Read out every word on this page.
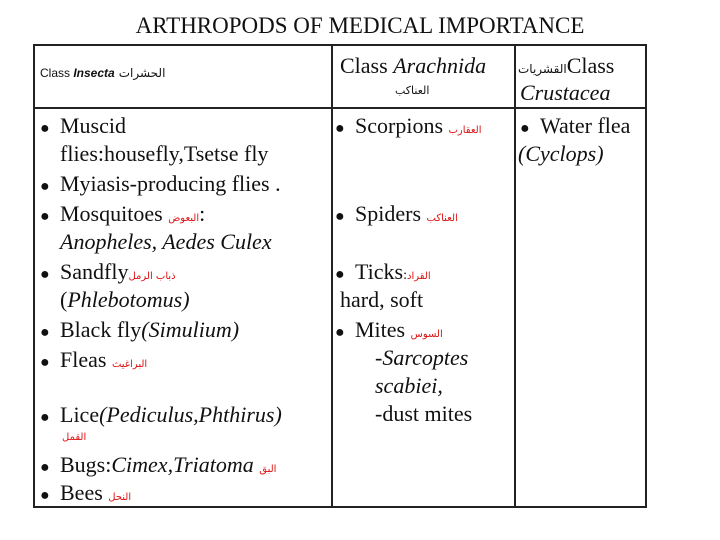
ARTHROPODS OF MEDICAL IMPORTANCE
Class Insecta الحشرات	Class Arachnida
العناكب
القشرياتClass
Crustacea
● Muscid
flies:housefly,Tsetse fly
● Myiasis-producing flies .
● Mosquitoes البعوض:
Anopheles, Aedes Culex
● Sandflyذباب الرمل
(Phlebotomus)
● Black fly(Simulium)
● Fleas البراغيث
● Lice(Pediculus,Phthirus)
القمل
● Bugs:Cimex,Triatoma البق
● Bees النحل
● Scorpions العقارب
● Spiders العناكب
● Ticks:القراد
hard, soft
● Mites السوس
-Sarcoptes
scabiei,
-dust mites
● Water flea
(Cyclops)
